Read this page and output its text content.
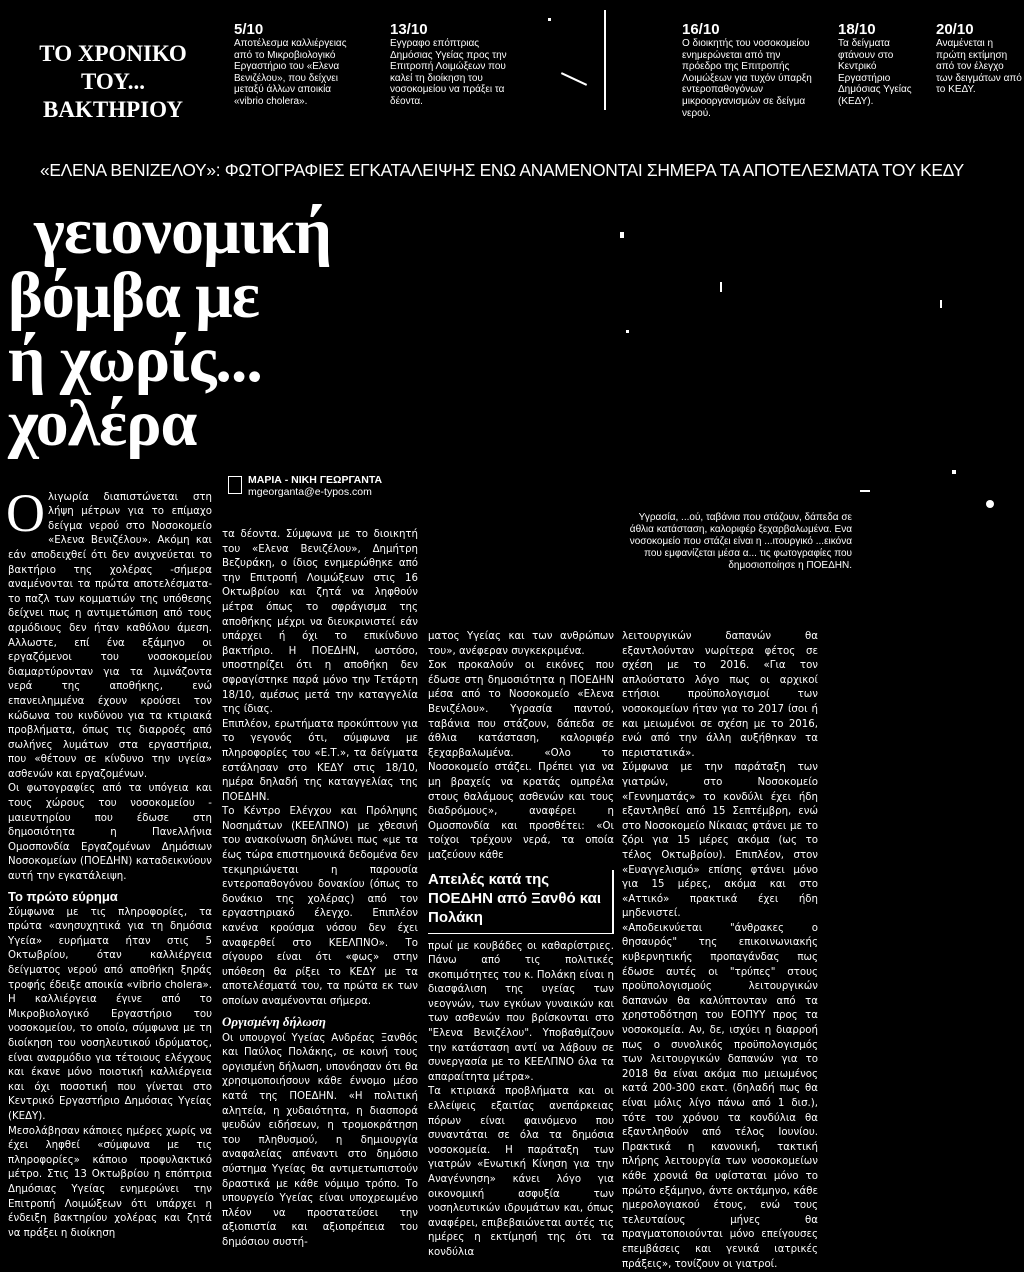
ΤΟ ΧΡΟΝΙΚΟ ΤΟΥ... ΒΑΚΤΗΡΙΟΥ
5/10
Αποτέλεσμα καλλιέργειας από το Μικροβιολογικό Εργαστήριο του «Ελενα Βενιζέλου», που δείχνει μεταξύ άλλων αποικία «vibrio cholera».
13/10
Εγγραφο επόπτριας Δημόσιας Υγείας προς την Επιτροπή Λοιμώξεων που καλεί τη διοίκηση του νοσοκομείου να πράξει τα δέοντα.
16/10
Ο διοικητής του νοσοκομείου ενημερώνεται από την πρόεδρο της Επιτροπής Λοιμώξεων για τυχόν ύπαρξη εντεροπαθογόνων μικροοργανισμών σε δείγμα νερού.
18/10
Τα δείγματα φτάνουν στο Κεντρικό Εργαστήριο Δημόσιας Υγείας (ΚΕΔΥ).
20/10
Αναμένεται η πρώτη εκτίμηση από τον έλεγχο των δειγμάτων από το ΚΕΔΥ.
«ΕΛΕΝΑ ΒΕΝΙΖΕΛΟΥ»: ΦΩΤΟΓΡΑΦΙΕΣ ΕΓΚΑΤΑΛΕΙΨΗΣ ΕΝΩ ΑΝΑΜΕΝΟΝΤΑΙ ΣΗΜΕΡΑ ΤΑ ΑΠΟΤΕΛΕΣΜΑΤΑ ΤΟΥ ΚΕΔΥ
γειονομική
βόμβα με
ή χωρίς...
χολέρα
ΜΑΡΙΑ - ΝΙΚΗ ΓΕΩΡΓΑΝΤΑ
mgeorganta@e-typos.com
Υγρασία, ...ού, ταβάνια που στάζουν, δάπεδα σε άθλια κατάσταση, καλοριφέρ ξεχαρβαλωμένα. Ενα νοσοκομείο που στάζει είναι η ...ιτουργικό ...εικόνα που εμφανίζεται μέσα α... τις φωτογραφίες που δημοσιοποίησε η ΠΟΕΔΗΝ.

Ολιγωρία διαπιστώνεται στη λήψη μέτρων για το επίμαχο δείγμα νερού στο Νοσοκομείο «Ελενα Βενιζέλου». Ακόμη και εάν αποδειχθεί ότι δεν ανιχνεύεται το βακτήριο της χολέρας -σήμερα αναμένονται τα πρώτα αποτελέσματα- το παζλ των κομματιών της υπόθεσης δείχνει πως η αντιμετώπιση από τους αρμόδιους δεν ήταν καθόλου άμεση. Αλλωστε, επί ένα εξάμηνο οι εργαζόμενοι του νοσοκομείου διαμαρτύρονταν για τα λιμνάζοντα νερά της αποθήκης, ενώ επανειλημμένα έχουν κρούσει τον κώδωνα του κινδύνου για τα κτιριακά προβλήματα, όπως τις διαρροές από σωλήνες λυμάτων στα εργαστήρια, που «θέτουν σε κίνδυνο την υγεία» ασθενών και εργαζομένων.
Οι φωτογραφίες από τα υπόγεια και τους χώρους του νοσοκομείου - μαιευτηρίου που έδωσε στη δημοσιότητα η Πανελλήνια Ομοσπονδία Εργαζομένων Δημόσιων Νοσοκομείων (ΠΟΕΔΗΝ) καταδεικνύουν αυτή την εγκατάλειψη.

Το πρώτο εύρημα
Σύμφωνα με τις πληροφορίες, τα πρώτα «ανησυχητικά για τη δημόσια Υγεία» ευρήματα ήταν στις 5 Οκτωβρίου, όταν καλλιέργεια δείγματος νερού από αποθήκη ξηράς τροφής έδειξε αποικία «vibrio cholera». Η καλλιέργεια έγινε από το Μικροβιολογικό Εργαστήριο του νοσοκομείου, το οποίο, σύμφωνα με τη διοίκηση του νοσηλευτικού ιδρύματος, είναι αναρμόδιο για τέτοιους ελέγχους και έκανε μόνο ποιοτική καλλιέργεια και όχι ποσοτική που γίνεται στο Κεντρικό Εργαστήριο Δημόσιας Υγείας (ΚΕΔΥ).
Μεσολάβησαν κάποιες ημέρες χωρίς να έχει ληφθεί «σύμφωνα με τις πληροφορίες» κάποιο προφυλακτικό μέτρο. Στις 13 Οκτωβρίου η επόπτρια Δημόσιας Υγείας ενημερώνει την Επιτροπή Λοιμώξεων ότι υπάρχει η ένδειξη βακτηρίου χολέρας και ζητά να πράξει η διοίκηση
τα δέοντα. Σύμφωνα με το διοικητή του «Ελενα Βενιζέλου», Δημήτρη Βεζυράκη, ο ίδιος ενημερώθηκε από την Επιτροπή Λοιμώξεων στις 16 Οκτωβρίου και ζητά να ληφθούν μέτρα όπως το σφράγισμα της αποθήκης μέχρι να διευκρινιστεί εάν υπάρχει ή όχι το επικίνδυνο βακτήριο. Η ΠΟΕΔΗΝ, ωστόσο, υποστηρίζει ότι η αποθήκη δεν σφραγίστηκε παρά μόνο την Τετάρτη 18/10, αμέσως μετά την καταγγελία της ίδιας.
Επιπλέον, ερωτήματα προκύπτουν για το γεγονός ότι, σύμφωνα με πληροφορίες του «Ε.Τ.», τα δείγματα εστάλησαν στο ΚΕΔΥ στις 18/10, ημέρα δηλαδή της καταγγελίας της ΠΟΕΔΗΝ.
Το Κέντρο Ελέγχου και Πρόληψης Νοσημάτων (ΚΕΕΛΠΝΟ) με χθεσινή του ανακοίνωση δηλώνει πως «με τα έως τώρα επιστημονικά δεδομένα δεν τεκμηριώνεται η παρουσία εντεροπαθογόνου δονακίου (όπως το δονάκιο της χολέρας) από τον εργαστηριακό έλεγχο. Επιπλέον κανένα κρούσμα νόσου δεν έχει αναφερθεί στο ΚΕΕΛΠΝΟ». Το σίγουρο είναι ότι «φως» στην υπόθεση θα ρίξει το ΚΕΔΥ με τα αποτελέσματά του, τα πρώτα εκ των οποίων αναμένονται σήμερα.
Οργισμένη δήλωση
Οι υπουργοί Υγείας Ανδρέας Ξανθός και Παύλος Πολάκης, σε κοινή τους οργισμένη δήλωση, υπονόησαν ότι θα χρησιμοποιήσουν κάθε έννομο μέσο κατά της ΠΟΕΔΗΝ. «Η πολιτική αλητεία, η χυδαιότητα, η διασπορά ψευδών ειδήσεων, η τρομοκράτηση του πληθυσμού, η δημιουργία αναφαλείας απέναντι στο δημόσιο σύστημα Υγείας θα αντιμετωπιστούν δραστικά με κάθε νόμιμο τρόπο. Το υπουργείο Υγείας είναι υποχρεωμένο πλέον να προστατεύσει την αξιοπιστία και αξιοπρέπεια του δημόσιου συστή-
ματος Υγείας και των ανθρώπων του», ανέφεραν συγκεκριμένα.
Σοκ προκαλούν οι εικόνες που έδωσε στη δημοσιότητα η ΠΟΕΔΗΝ μέσα από το Νοσοκομείο «Ελενα Βενιζέλου». Υγρασία παντού, ταβάνια που στάζουν, δάπεδα σε άθλια κατάσταση, καλοριφέρ ξεχαρβαλωμένα. «Ολο το Νοσοκομείο στάζει. Πρέπει για να μη βραχείς να κρατάς ομπρέλα στους θαλάμους ασθενών και τους διαδρόμους», αναφέρει η Ομοσπονδία και προσθέτει: «Οι τοίχοι τρέχουν νερά, τα οποία μαζεύουν κάθε
Απειλές κατά της ΠΟΕΔΗΝ από Ξανθό και Πολάκη
πρωί με κουβάδες οι καθαρίστριες. Πάνω από τις πολιτικές σκοπιμότητες του κ. Πολάκη είναι η διασφάλιση της υγείας των νεογνών, των εγκύων γυναικών και των ασθενών που βρίσκονται στο "Ελενα Βενιζέλου". Υποβαθμίζουν την κατάσταση αντί να λάβουν σε συνεργασία με το ΚΕΕΛΠΝΟ όλα τα απαραίτητα μέτρα».
Τα κτιριακά προβλήματα και οι ελλείψεις εξαιτίας ανεπάρκειας πόρων είναι φαινόμενο που συναντάται σε όλα τα δημόσια νοσοκομεία. Η παράταξη των γιατρών «Ενωτική Κίνηση για την Αναγέννηση» κάνει λόγο για οικονομική ασφυξία των νοσηλευτικών ιδρυμάτων και, όπως αναφέρει, επιβεβαιώνεται αυτές τις ημέρες η εκτίμησή της ότι τα κονδύλια
λειτουργικών δαπανών θα εξαντλούνταν νωρίτερα φέτος σε σχέση με το 2016. «Για τον απλούστατο λόγο πως οι αρχικοί ετήσιοι προϋπολογισμοί των νοσοκομείων ήταν για το 2017 ίσοι ή και μειωμένοι σε σχέση με το 2016, ενώ από την άλλη αυξήθηκαν τα περιστατικά».
Σύμφωνα με την παράταξη των γιατρών, στο Νοσοκομείο «Γεννηματάς» το κονδύλι έχει ήδη εξαντληθεί από 15 Σεπτέμβρη, ενώ στο Νοσοκομείο Νίκαιας φτάνει με το ζόρι για 15 μέρες ακόμα (ως το τέλος Οκτωβρίου). Επιπλέον, στον «Ευαγγελισμό» επίσης φτάνει μόνο για 15 μέρες, ακόμα και στο «Αττικό» πρακτικά έχει ήδη μηδενιστεί.
«Αποδεικνύεται "άνθρακες ο θησαυρός" της επικοινωνιακής κυβερνητικής προπαγάνδας πως έδωσε αυτές οι "τρύπες" στους προϋπολογισμούς λειτουργικών δαπανών θα καλύπτονταν από τα χρηστοδότηση του ΕΟΠΥΥ προς τα νοσοκομεία. Αν, δε, ισχύει η διαρροή πως ο συνολικός προϋπολογισμός των λειτουργικών δαπανών για το 2018 θα είναι ακόμα πιο μειωμένος κατά 200-300 εκατ. (δηλαδή πως θα είναι μόλις λίγο πάνω από 1 δισ.), τότε του χρόνου τα κονδύλια θα εξαντληθούν από τέλος Ιουνίου. Πρακτικά η κανονική, τακτική πλήρης λειτουργία των νοσοκομείων κάθε χρονιά θα υφίσταται μόνο το πρώτο εξάμηνο, άντε οκτάμηνο, κάθε ημερολογιακού έτους, ενώ τους τελευταίους μήνες θα πραγματοποιούνται μόνο επείγουσες επεμβάσεις και γενικά ιατρικές πράξεις», τονίζουν οι γιατροί.
